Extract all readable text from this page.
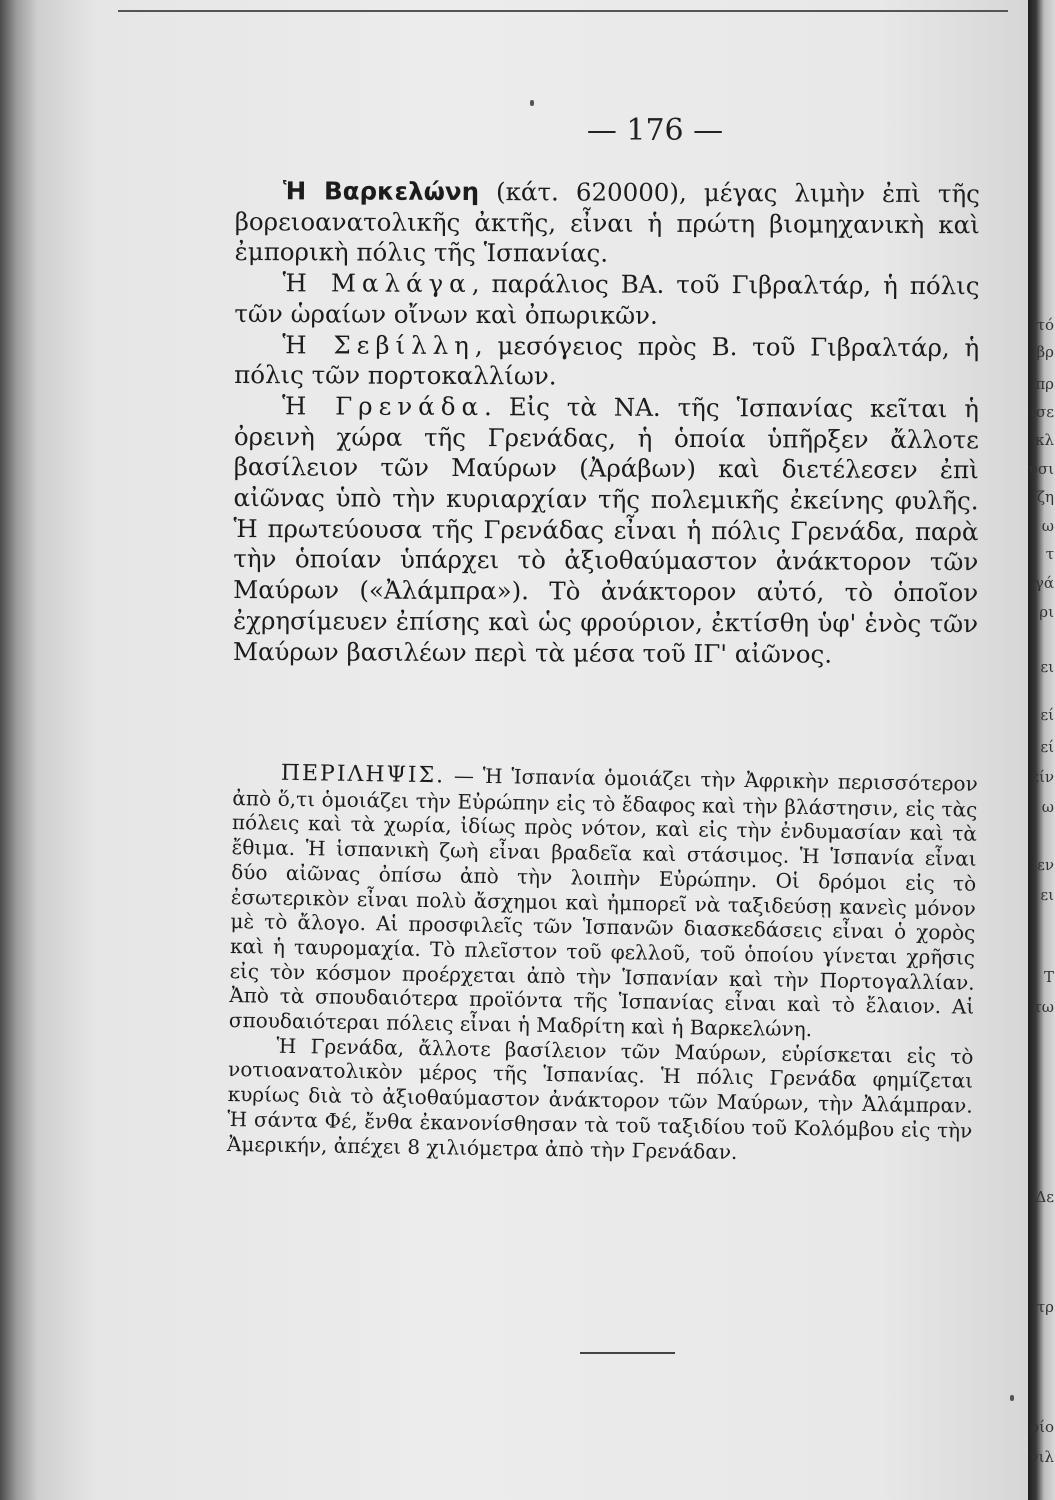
— 176 —

Ἡ Βαρκελώνη (κάτ. 620000), μέγας λιμὴν ἐπὶ τῆς βορειοανατολικῆς ἀκτῆς, εἶναι ἡ πρώτη βιομηχανικὴ καὶ ἐμπορικὴ πόλις τῆς Ἱσπανίας.

Ἡ Μαλάγα, παράλιος ΒΑ. τοῦ Γιβραλτάρ, ἡ πόλις τῶν ὡραίων οἴνων καὶ ὀπωρικῶν.

Ἡ Σεβίλλη, μεσόγειος πρὸς Β. τοῦ Γιβραλτάρ, ἡ πόλις τῶν πορτοκαλλίων.

Ἡ Γρενάδα. Εἰς τὰ ΝΑ. τῆς Ἱσπανίας κεῖται ἡ ὀρεινὴ χώρα τῆς Γρενάδας, ἡ ὁποία ὑπῆρξεν ἄλλοτε βασίλειον τῶν Μαύρων (Ἀράβων) καὶ διετέλεσεν ἐπὶ αἰῶνας ὑπὸ τὴν κυριαρχίαν τῆς πολεμικῆς ἐκείνης φυλῆς. Ἡ πρωτεύουσα τῆς Γρενάδας εἶναι ἡ πόλις Γρενάδα, παρὰ τὴν ὁποίαν ὑπάρχει τὸ ἀξιοθαύμαστον ἀνάκτορον τῶν Μαύρων («Ἀλάμπρα»). Τὸ ἀνάκτορον αὐτό, τὸ ὁποῖον ἐχρησίμευεν ἐπίσης καὶ ὡς φρούριον, ἐκτίσθη ὑφ' ἑνὸς τῶν Μαύρων βασιλέων περὶ τὰ μέσα τοῦ ΙΓ' αἰῶνος.

ΠΕΡΙΛΗΨΙΣ. — Ἡ Ἱσπανία ὁμοιάζει τὴν Ἀφρικὴν περισσότερον ἀπὸ ὅ,τι ὁμοιάζει τὴν Εὐρώπην εἰς τὸ ἔδαφος καὶ τὴν βλάστησιν, εἰς τὰς πόλεις καὶ τὰ χωρία, ἰδίως πρὸς νότον, καὶ εἰς τὴν ἐνδυμασίαν καὶ τὰ ἔθιμα. Ἡ ἱσπανικὴ ζωὴ εἶναι βραδεῖα καὶ στάσιμος. Ἡ Ἱσπανία εἶναι δύο αἰῶνας ὀπίσω ἀπὸ τὴν λοιπὴν Εὐρώπην. Οἱ δρόμοι εἰς τὸ ἐσωτερικὸν εἶναι πολὺ ἄσχημοι καὶ ἠμπορεῖ νὰ ταξιδεύσῃ κανεὶς μόνον μὲ τὸ ἄλογο. Αἱ προσφιλεῖς τῶν Ἱσπανῶν διασκεδάσεις εἶναι ὁ χορὸς καὶ ἡ ταυρομαχία. Τὸ πλεῖστον τοῦ φελλοῦ, τοῦ ὁποίου γίνεται χρῆσις εἰς τὸν κόσμον προέρχεται ἀπὸ τὴν Ἱσπανίαν καὶ τὴν Πορτογαλλίαν. Ἀπὸ τὰ σπουδαιότερα προϊόντα τῆς Ἱσπανίας εἶναι καὶ τὸ ἔλαιον. Αἱ σπουδαιότεραι πόλεις εἶναι ἡ Μαδρίτη καὶ ἡ Βαρκελώνη.

Ἡ Γρενάδα, ἄλλοτε βασίλειον τῶν Μαύρων, εὑρίσκεται εἰς τὸ νοτιοανατολικὸν μέρος τῆς Ἱσπανίας. Ἡ πόλις Γρενάδα φημίζεται κυρίως διὰ τὸ ἀξιοθαύμαστον ἀνάκτορον τῶν Μαύρων, τὴν Ἀλάμπραν. Ἡ σάντα Φέ, ἔνθα ἐκανονίσθησαν τὰ τοῦ ταξιδίου τοῦ Κολόμβου εἰς τὴν Ἀμερικήν, ἀπέχει 8 χιλιόμετρα ἀπὸ τὴν Γρενάδαν.

τό
βρ
πρ
ισε
κλ
ύσι
ζη
ω
τ
γά
ρι
ει
εί
εί
είν
ω
εν
ει
Τ
τω
Δε
τρ
ρίο
γιλ
